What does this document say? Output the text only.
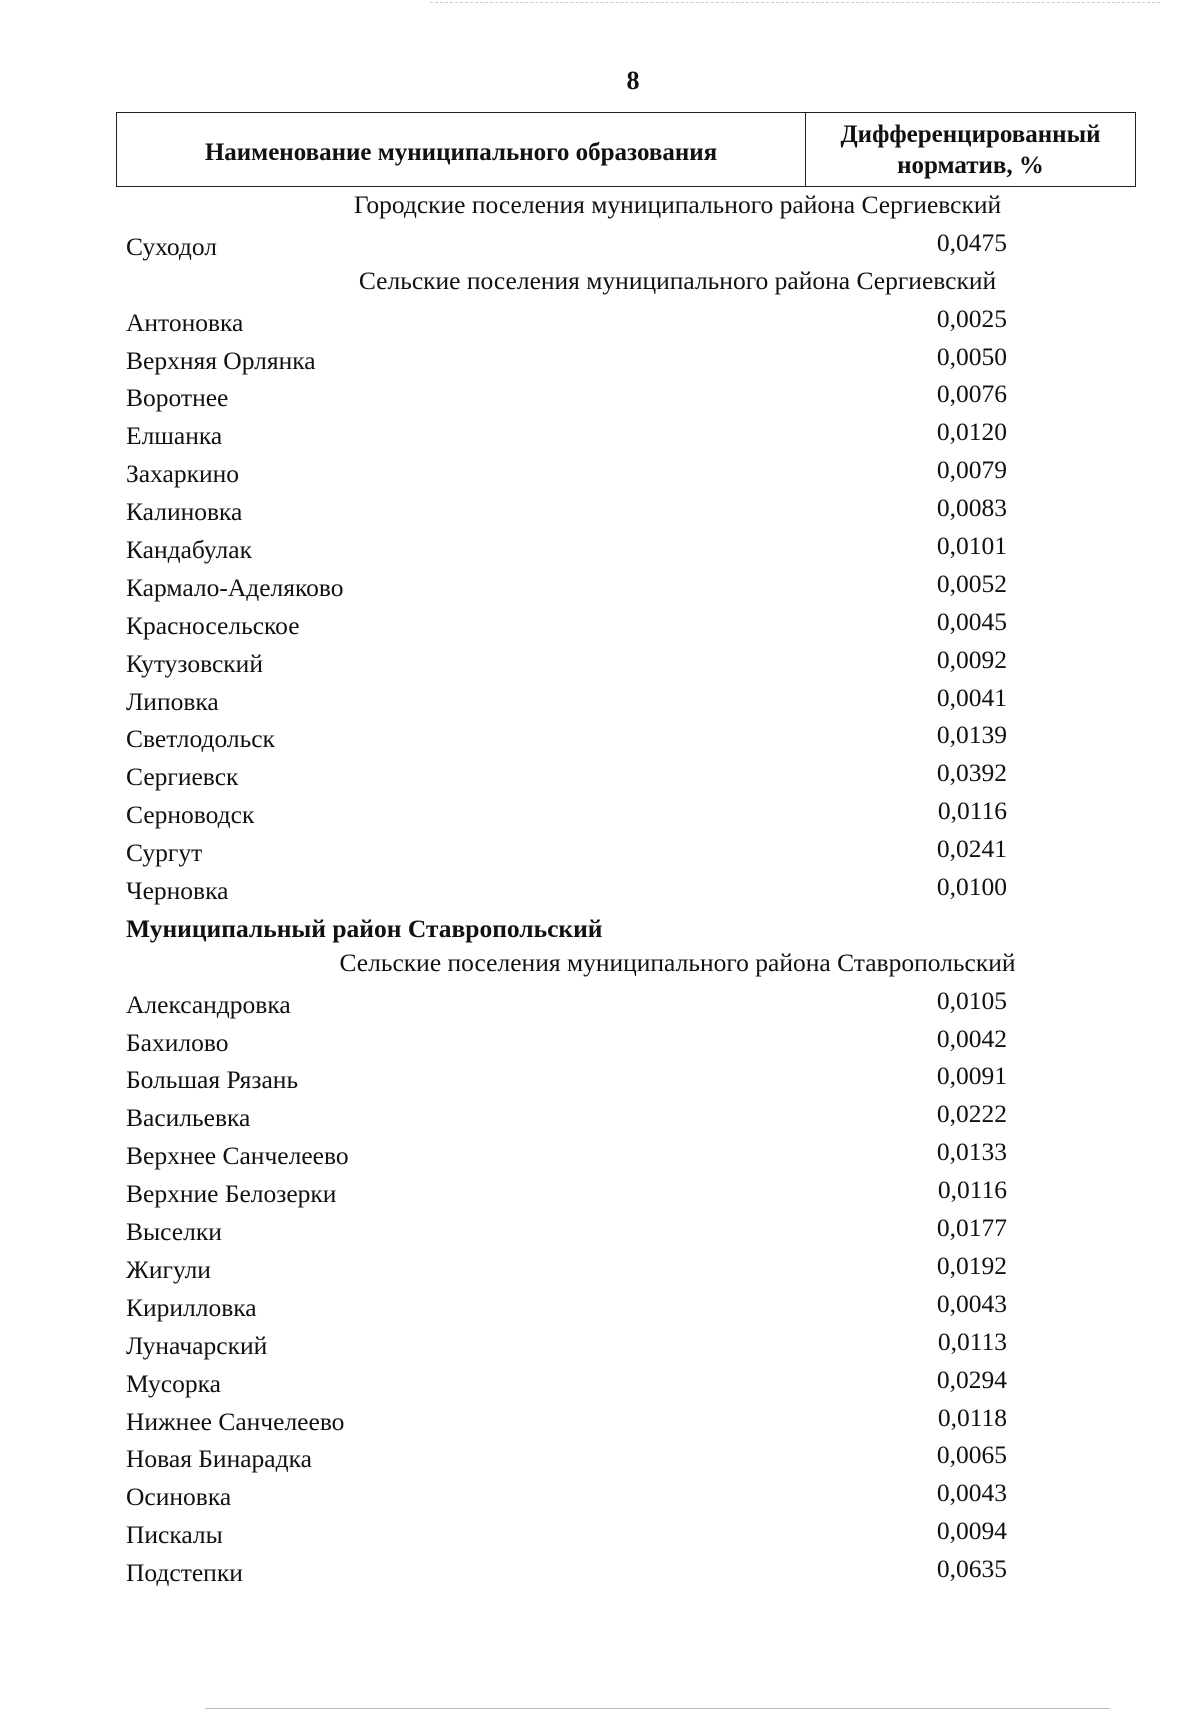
8
Наименование муниципального образования
Дифференцированный
норматив, %
Городские поселения муниципального района Сергиевский
Суходол	0,0475
Сельские поселения муниципального района Сергиевский
Антоновка	0,0025
Верхняя Орлянка	0,0050
Воротнее	0,0076
Елшанка	0,0120
Захаркино	0,0079
Калиновка	0,0083
Кандабулак	0,0101
Кармало-Аделяково	0,0052
Красносельское	0,0045
Кутузовский	0,0092
Липовка	0,0041
Светлодольск	0,0139
Сергиевск	0,0392
Серноводск	0,0116
Сургут	0,0241
Черновка	0,0100
Муниципальный район Ставропольский
Сельские поселения муниципального района Ставропольский
Александровка	0,0105
Бахилово	0,0042
Большая Рязань	0,0091
Васильевка	0,0222
Верхнее Санчелеево	0,0133
Верхние Белозерки	0,0116
Выселки	0,0177
Жигули	0,0192
Кирилловка	0,0043
Луначарский	0,0113
Мусорка	0,0294
Нижнее Санчелеево	0,0118
Новая Бинарадка	0,0065
Осиновка	0,0043
Пискалы	0,0094
Подстепки	0,0635
